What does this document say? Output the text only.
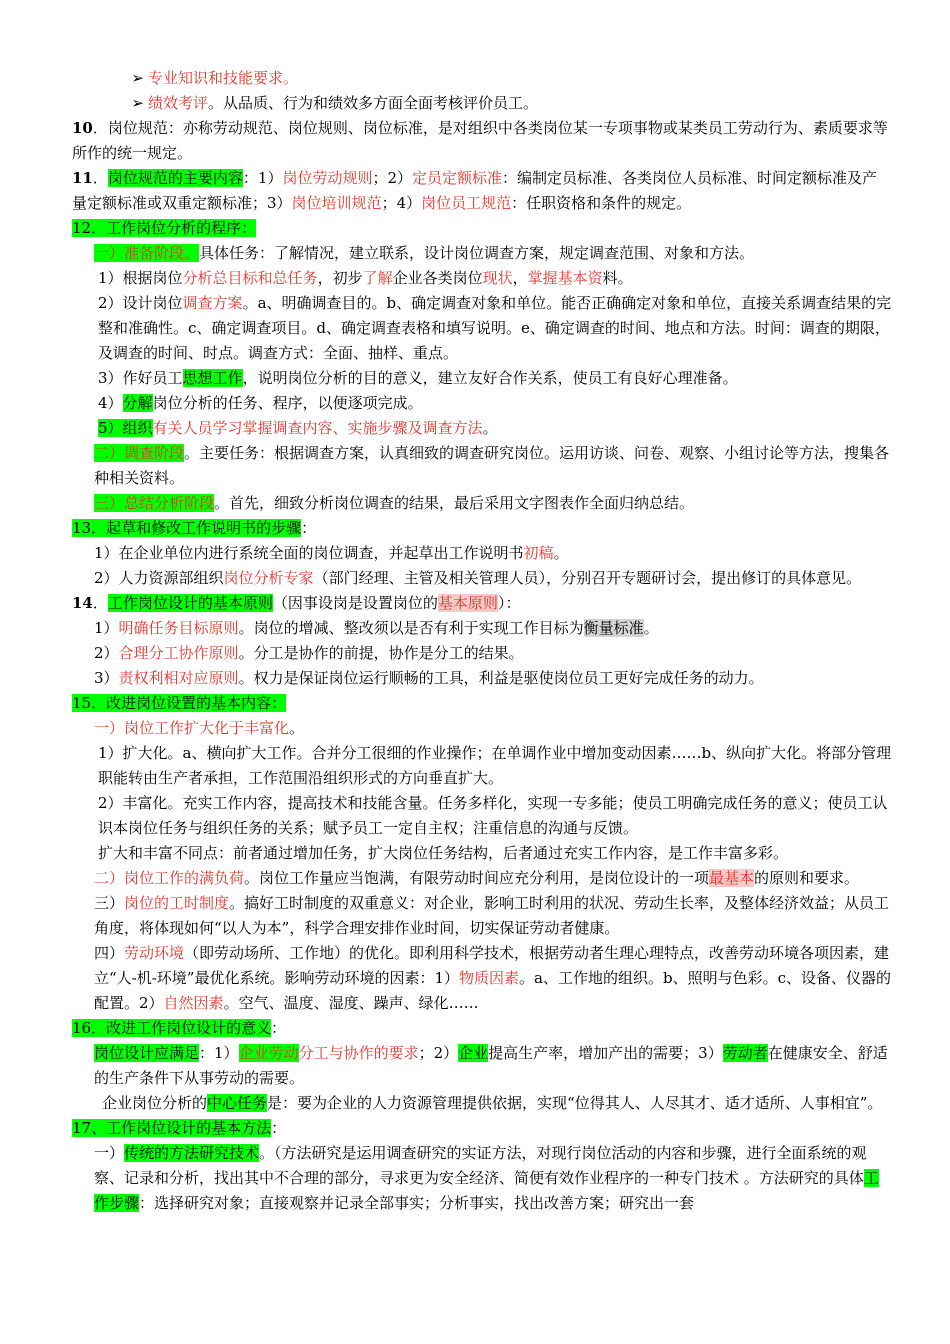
➢ 专业知识和技能要求。

➢ 绩效考评。从品质、行为和绩效多方面全面考核评价员工。

10．岗位规范：亦称劳动规范、岗位规则、岗位标准，是对组织中各类岗位某一专项事物或某类员工劳动行为、素质要求等所作的统一规定。

11．岗位规范的主要内容：1）岗位劳动规则；2）定员定额标准：编制定员标准、各类岗位人员标准、时间定额标准及产量定额标准或双重定额标准；3）岗位培训规范；4）岗位员工规范：任职资格和条件的规定。

12．工作岗位分析的程序：

一）准备阶段。具体任务：了解情况，建立联系，设计岗位调查方案，规定调查范围、对象和方法。

1）根据岗位分析总目标和总任务，初步了解企业各类岗位现状，掌握基本资料。

2）设计岗位调查方案。a、明确调查目的。b、确定调查对象和单位。能否正确确定对象和单位，直接关系调查结果的完整和准确性。c、确定调查项目。d、确定调查表格和填写说明。e、确定调查的时间、地点和方法。时间：调查的期限，及调查的时间、时点。调查方式：全面、抽样、重点。

3）作好员工思想工作，说明岗位分析的目的意义，建立友好合作关系，使员工有良好心理准备。

4）分解岗位分析的任务、程序，以便逐项完成。

5）组织有关人员学习掌握调查内容、实施步骤及调查方法。

二）调查阶段。主要任务：根据调查方案，认真细致的调查研究岗位。运用访谈、问卷、观察、小组讨论等方法，搜集各种相关资料。

三）总结分析阶段。首先，细致分析岗位调查的结果，最后采用文字图表作全面归纳总结。

13．起草和修改工作说明书的步骤：

1）在企业单位内进行系统全面的岗位调查，并起草出工作说明书初稿。

2）人力资源部组织岗位分析专家（部门经理、主管及相关管理人员），分别召开专题研讨会，提出修订的具体意见。

14．工作岗位设计的基本原则（因事设岗是设置岗位的基本原则）：

1）明确任务目标原则。岗位的增减、整改须以是否有利于实现工作目标为衡量标准。

2）合理分工协作原则。分工是协作的前提，协作是分工的结果。

3）责权利相对应原则。权力是保证岗位运行顺畅的工具，利益是驱使岗位员工更好完成任务的动力。

15．改进岗位设置的基本内容：

一）岗位工作扩大化于丰富化。

1）扩大化。a、横向扩大工作。合并分工很细的作业操作；在单调作业中增加变动因素……b、纵向扩大化。将部分管理职能转由生产者承担，工作范围沿组织形式的方向垂直扩大。

2）丰富化。充实工作内容，提高技术和技能含量。任务多样化，实现一专多能；使员工明确完成任务的意义；使员工认识本岗位任务与组织任务的关系；赋予员工一定自主权；注重信息的沟通与反馈。

扩大和丰富不同点：前者通过增加任务，扩大岗位任务结构，后者通过充实工作内容，是工作丰富多彩。

二）岗位工作的满负荷。岗位工作量应当饱满，有限劳动时间应充分利用，是岗位设计的一项最基本的原则和要求。

三）岗位的工时制度。搞好工时制度的双重意义：对企业，影响工时利用的状况、劳动生长率，及整体经济效益；从员工角度，将体现如何“以人为本”，科学合理安排作业时间，切实保证劳动者健康。

四）劳动环境（即劳动场所、工作地）的优化。即利用科学技术，根据劳动者生理心理特点，改善劳动环境各项因素，建立“人-机-环境”最优化系统。影响劳动环境的因素：1）物质因素。a、工作地的组织。b、照明与色彩。c、设备、仪器的配置。2）自然因素。空气、温度、湿度、躁声、绿化……

16．改进工作岗位设计的意义：

岗位设计应满足：1）企业劳动分工与协作的要求；2）企业提高生产率，增加产出的需要；3）劳动者在健康安全、舒适的生产条件下从事劳动的需要。

企业岗位分析的中心任务是：要为企业的人力资源管理提供依据，实现“位得其人、人尽其才、适才适所、人事相宜”。

17、工作岗位设计的基本方法：

一）传统的方法研究技术。（方法研究是运用调查研究的实证方法，对现行岗位活动的内容和步骤，进行全面系统的观察、记录和分析，找出其中不合理的部分，寻求更为安全经济、简便有效作业程序的一种专门技术 。方法研究的具体工作步骤：选择研究对象；直接观察并记录全部事实；分析事实，找出改善方案；研究出一套
